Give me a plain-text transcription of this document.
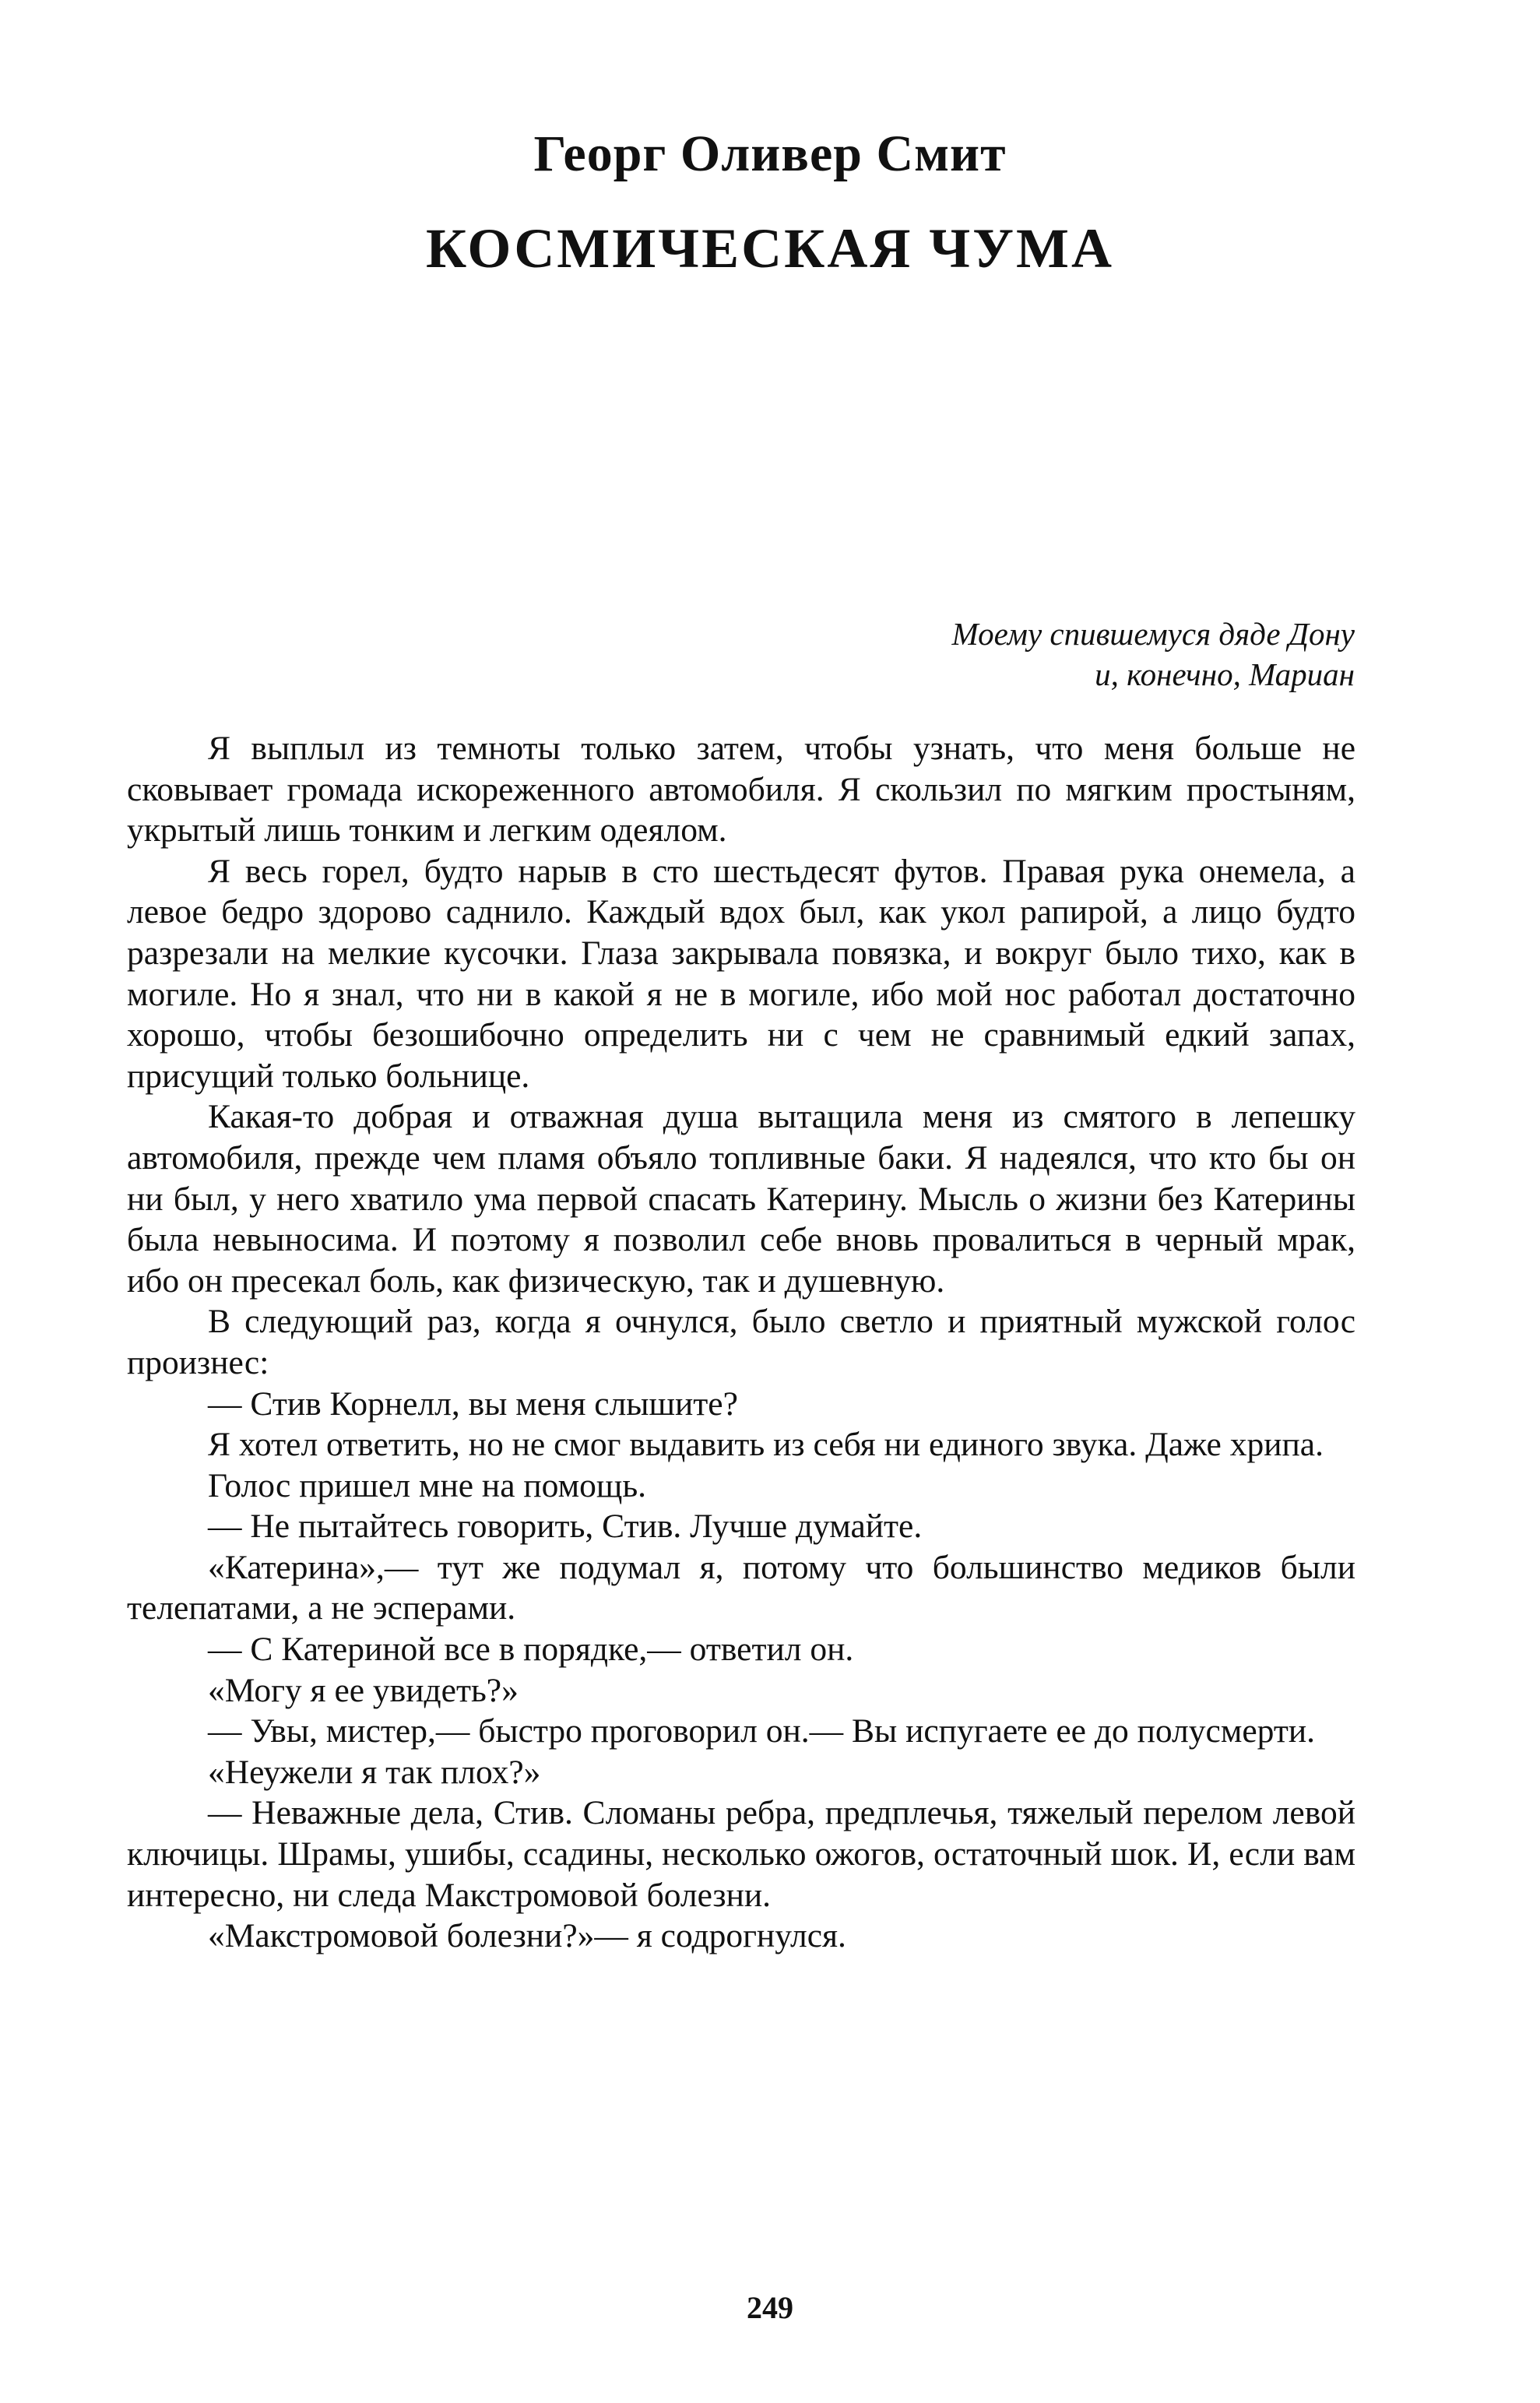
Георг Оливер Смит
КОСМИЧЕСКАЯ ЧУМА
Моему спившемуся дяде Дону
и, конечно, Мариан

Я выплыл из темноты только затем, чтобы узнать, что меня больше не сковывает громада искореженного автомобиля. Я скользил по мягким простыням, укрытый лишь тонким и легким одеялом.

Я весь горел, будто нарыв в сто шестьдесят футов. Правая рука онемела, а левое бедро здорово саднило. Каждый вдох был, как укол рапирой, а лицо будто разрезали на мелкие кусочки. Глаза закрывала повязка, и вокруг было тихо, как в могиле. Но я знал, что ни в какой я не в могиле, ибо мой нос работал достаточно хорошо, чтобы безошибочно определить ни с чем не сравнимый едкий запах, присущий только больнице.

Какая-то добрая и отважная душа вытащила меня из смятого в лепешку автомобиля, прежде чем пламя объяло топливные баки. Я надеялся, что кто бы он ни был, у него хватило ума первой спасать Катерину. Мысль о жизни без Катерины была невыносима. И поэтому я позволил себе вновь провалиться в черный мрак, ибо он пресекал боль, как физическую, так и душевную.

В следующий раз, когда я очнулся, было светло и приятный мужской голос произнес:

— Стив Корнелл, вы меня слышите?

Я хотел ответить, но не смог выдавить из себя ни единого звука. Даже хрипа.

Голос пришел мне на помощь.

— Не пытайтесь говорить, Стив. Лучше думайте.

«Катерина»,— тут же подумал я, потому что большинство медиков были телепатами, а не эсперами.

— С Катериной все в порядке,— ответил он.

«Могу я ее увидеть?»

— Увы, мистер,— быстро проговорил он.— Вы испугаете ее до полусмерти.

«Неужели я так плох?»

— Неважные дела, Стив. Сломаны ребра, предплечья, тяжелый перелом левой ключицы. Шрамы, ушибы, ссадины, несколько ожогов, остаточный шок. И, если вам интересно, ни следа Макстромовой болезни.

«Макстромовой болезни?»— я содрогнулся.

249
